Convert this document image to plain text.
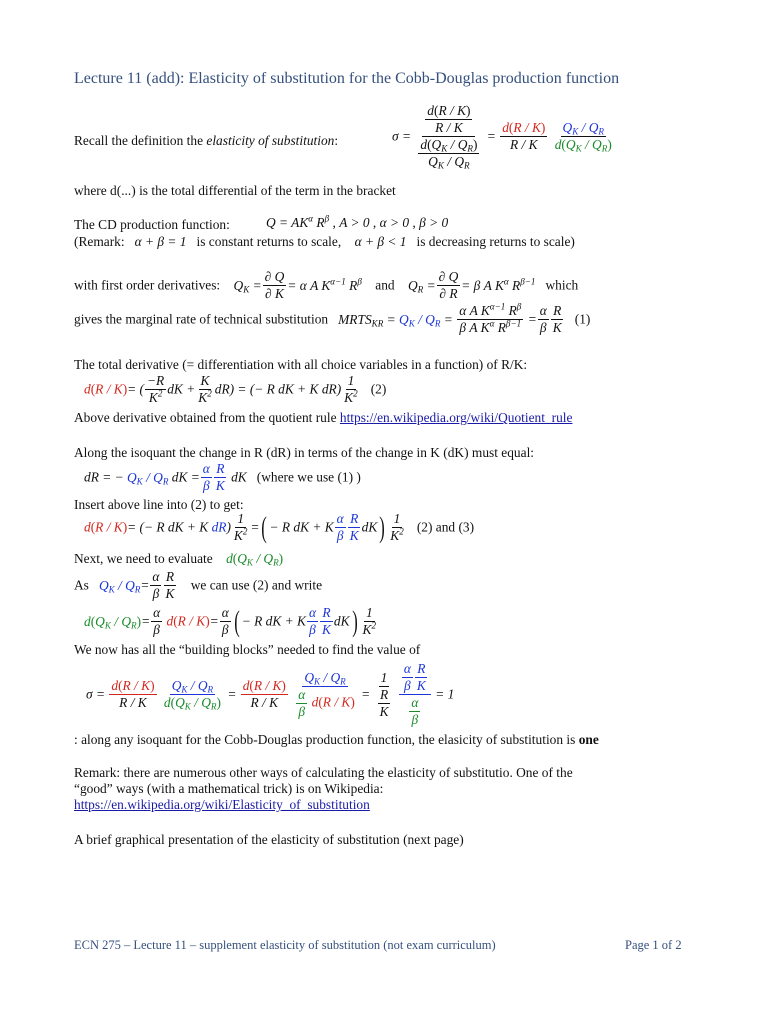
Lecture 11 (add): Elasticity of substitution for the Cobb-Douglas production function
Recall the definition the elasticity of substitution:	$\sigma = \frac{\frac{d(R / K)}{R / K}}{\frac{d(Q_K / Q_R)}{Q_K / Q_R}} = \frac{d(R / K)}{R / K}$
$\frac{Q_K / Q_R}{d(Q_K / Q_R)}$
where d(...) is the total differential of the term in the bracket
The CD production function:	$Q = AK^\alpha$ $R^\beta$ , A > 0 , α > 0 , β > 0
(Remark: α + β = 1 is constant returns to scale, α + β < 1 is decreasing returns to scale)
with first order derivatives: $Q_K = \frac{\partial Q}{\partial K} = \alpha$ A $K^{\alpha-1}$ $R^\beta$ and $Q_R = \frac{\partial Q}{\partial R} = \beta$ A $K^\alpha$ $R^{\beta-1}$ which
gives the marginal rate of technical substitution $MRTS_{KR} = Q_K / Q_R = \frac{\alpha A K^{\alpha-1} R^\beta}{\beta A K^\alpha R^{\beta-1}} = \frac{\alpha}{\beta} \frac{R}{K} (1)$
The total derivative (= differentiation with all choice variables in a function) of R/K:
d(R / K)= ( $\frac{-R}{K^2}$ dK + $\frac{K}{K^2} dR$) = (− R dK + K $dR) \frac{1}{K^2} (2)$
Above derivative obtained from the quotient rule https://en.wikipedia.org/wiki/Quotient_rule
Along the isoquant the change in R (dR) in terms of the change in K (dK) must equal:
dR = − $Q_K / Q_R$ dK = $\frac{\alpha}{\beta} \frac{R}{K}$ dK (where we use (1) )
Insert above line into (2) to get:
d(R / K)= (− R dK + K $dR) \frac{1}{K^2}$ =( − R dK + K $\frac{\alpha}{\beta} \frac{R}{K} dK) \frac{1}{K^2} (2)$ and (3)
Next, we need to evaluate $d(Q_K / Q_R)$
As $Q_K / Q_R= \frac{\alpha}{\beta} \frac{R}{K}$ we can use (2) and write
$d(Q_K / Q_R)= \frac{\alpha}{\beta} d(R / K)= \frac{\alpha}{\beta}$ ( − R dK + K $\frac{\alpha}{\beta} \frac{R}{K} dK) \frac{1}{K^2}$
We now has all the “building blocks” needed to find the value of
$\sigma = \frac{d(R / K)}{R / K}$
$\frac{Q_K / Q_R}{d(Q_K / Q_R)} = \frac{d(R / K)}{R / K}$
$\frac{Q_K / Q_R}{\frac{\alpha}{\beta} d(R / K)} = \frac{1}{\frac{R}{K}}$
$\frac{\alpha}{\beta} \frac{R}{K}$
$\frac{\alpha}{\beta}$
= 1
: along any isoquant for the Cobb-Douglas production function, the elasicity of substitution is one
Remark: there are numerous other ways of calculating the elasticity of substitutio. One of the
“good” ways (with a mathematical trick) is on Wikipedia:
https://en.wikipedia.org/wiki/Elasticity_of_substitution
A brief graphical presentation of the elasticity of substitution (next page)
ECN 275 – Lecture 11 – supplement elasticity of substitution (not exam curriculum)	Page 1 of 2
